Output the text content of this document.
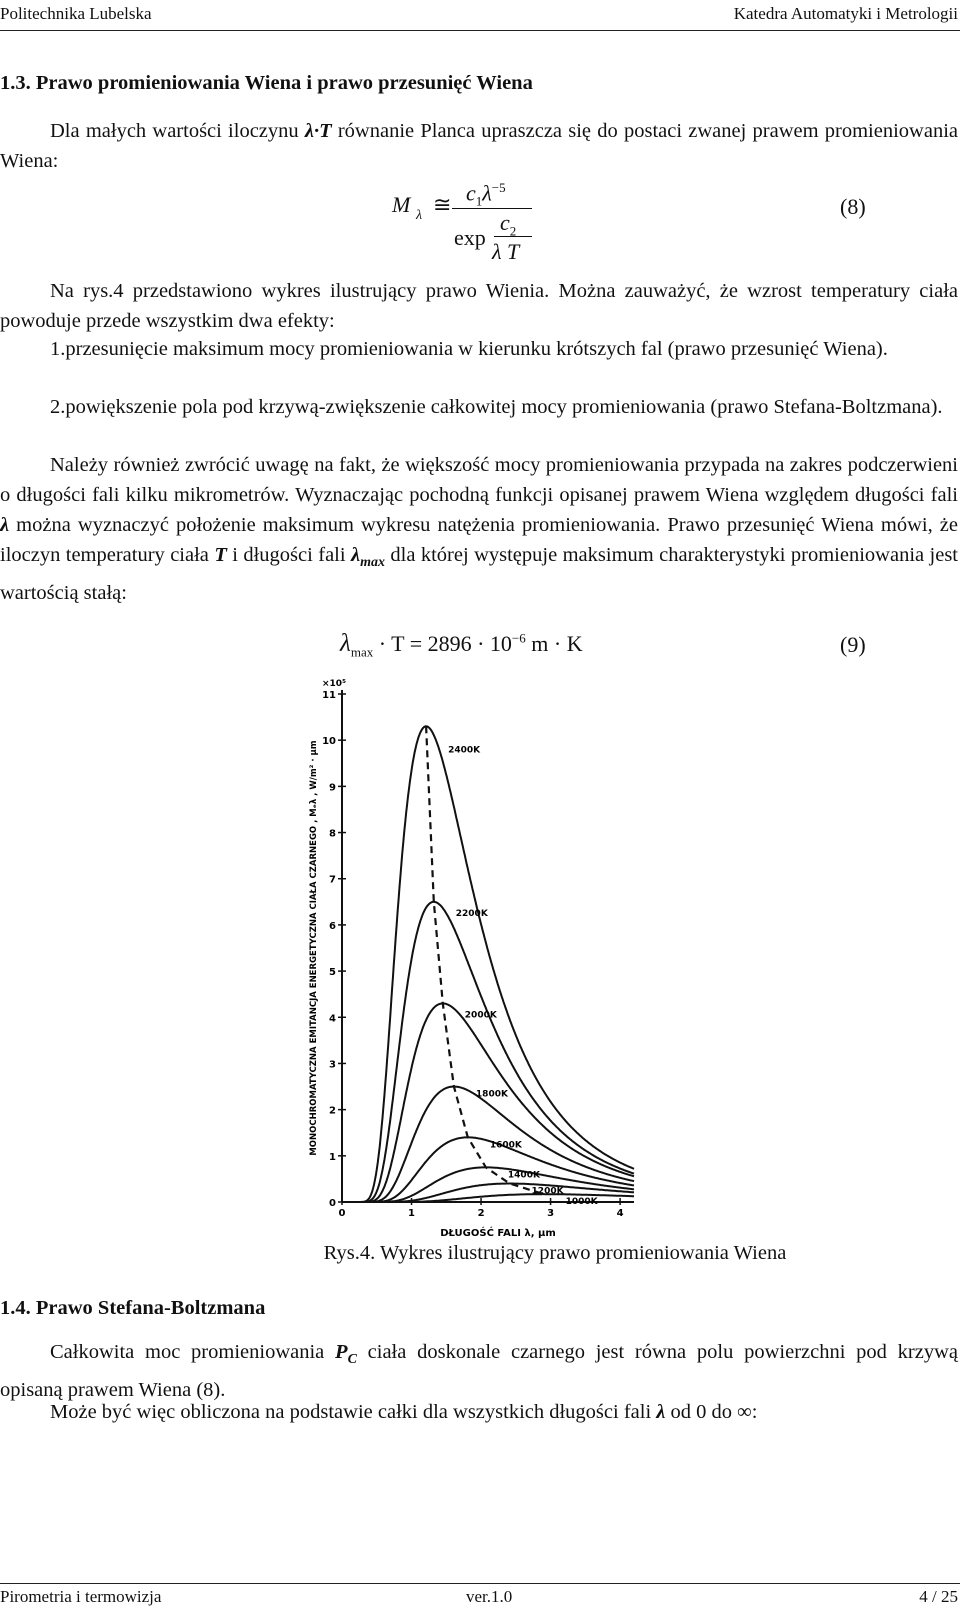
Politechnika Lubelska	Katedra Automatyki i Metrologii
1.3. Prawo promieniowania Wiena i prawo przesunięć Wiena
Dla małych wartości iloczynu λ·T równanie Planca upraszcza się do postaci zwanej prawem promieniowania Wiena:
M λ ≅ $c_1\lambda^{-5}$
exp
$c_2$
λ T
(8)
Na rys.4 przedstawiono wykres ilustrujący prawo Wienia. Można zauważyć, że wzrost temperatury ciała powoduje przede wszystkim dwa efekty:
1.przesunięcie maksimum mocy promieniowania w kierunku krótszych fal (prawo przesunięć Wiena).
2.powiększenie pola pod krzywą-zwiększenie całkowitej mocy promieniowania (prawo Stefana-Boltzmana).
Należy również zwrócić uwagę na fakt, że większość mocy promieniowania przypada na zakres podczerwieni o długości fali kilku mikrometrów. Wyznaczając pochodną funkcji opisanej prawem Wiena względem długości fali λ można wyznaczyć położenie maksimum wykresu natężenia promieniowania. Prawo przesunięć Wiena mówi, że iloczyn temperatury ciała T i długości fali $\lambda_{max}$ dla której występuje maksimum charakterystyki promieniowania jest wartością stałą:
$\lambda_{max} \cdot T = 2896 \cdot 10^{-6}$ m · K	(9)
0
1
2
3
4
5
6
7
8
9
10
11
0	1	2	3	4
×10⁵
DŁUGOŚĆ FALI λ, μm
MONOCHROMATYCZNA EMITANCJA ENERGETYCZNA CIAŁA CZARNEGO , Mₑλ , W/m² · μm	2400K
2200K
2000K
1800K
1600K
1400K
1200K
1000K
Rys.4. Wykres ilustrujący prawo promieniowania Wiena
1.4. Prawo Stefana-Boltzmana
Całkowita moc promieniowania $P_C$ ciała doskonale czarnego jest równa polu powierzchni pod krzywą opisaną prawem Wiena (8).
Może być więc obliczona na podstawie całki dla wszystkich długości fali λ od 0 do ∞:
Pirometria i termowizja	ver.1.0	4 / 25
